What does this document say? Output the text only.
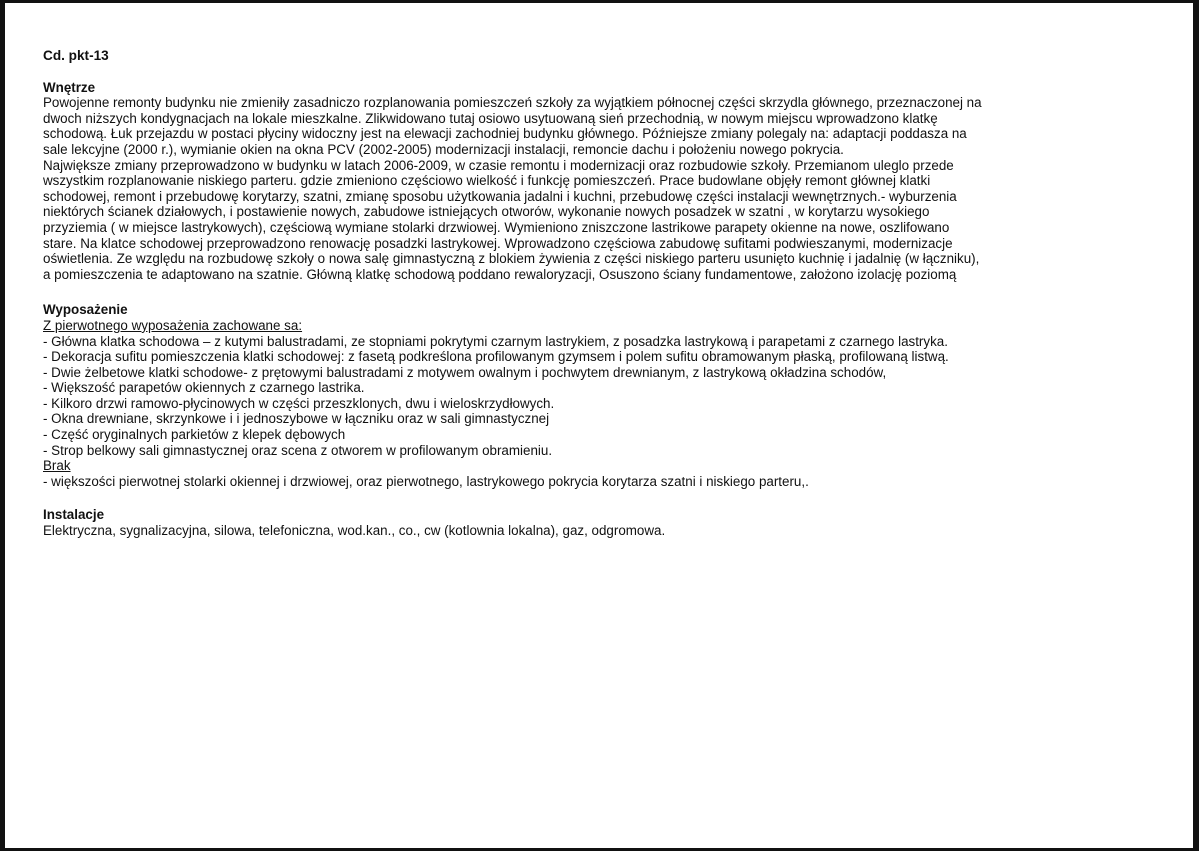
Cd. pkt-13

Wnętrze

Powojenne remonty budynku nie zmieniły zasadniczo rozplanowania pomieszczeń szkoły za wyjątkiem północnej części skrzydla głównego, przeznaczonej na
dwoch niższych kondygnacjach na lokale mieszkalne. Zlikwidowano tutaj osiowo usytuowaną sień przechodnią, w nowym miejscu wprowadzono klatkę
schodową. Łuk przejazdu w postaci płyciny widoczny jest na elewacji zachodniej budynku głównego. Późniejsze zmiany polegaly na: adaptacji poddasza na
sale lekcyjne (2000 r.), wymianie okien na okna PCV (2002-2005) modernizacji instalacji, remoncie dachu i położeniu nowego pokrycia.
Największe zmiany przeprowadzono w budynku w latach 2006-2009, w czasie remontu i modernizacji oraz rozbudowie szkoły. Przemianom uleglo przede
wszystkim rozplanowanie niskiego parteru. gdzie zmieniono częściowo wielkość i funkcję pomieszczeń. Prace budowlane objęły remont głównej klatki
schodowej, remont i przebudowę korytarzy, szatni, zmianę sposobu użytkowania jadalni i kuchni, przebudowę części instalacji wewnętrznych.- wyburzenia
niektórych ścianek działowych, i postawienie nowych, zabudowe istniejących otworów, wykonanie nowych posadzek w szatni , w korytarzu wysokiego
przyziemia ( w miejsce lastrykowych), częściową wymiane stolarki drzwiowej. Wymieniono zniszczone lastrikowe parapety okienne na nowe, oszlifowano
stare. Na klatce schodowej przeprowadzono renowację posadzki lastrykowej. Wprowadzono częściowa zabudowę sufitami podwieszanymi, modernizacje
oświetlenia. Ze względu na rozbudowę szkoły o nowa salę gimnastyczną z blokiem żywienia z części niskiego parteru usunięto kuchnię i jadalnię (w łączniku),
a pomieszczenia te adaptowano na szatnie. Główną klatkę schodową poddano rewaloryzacji, Osuszono ściany fundamentowe, założono izolację poziomą

Wyposażenie

Z pierwotnego wyposażenia zachowane sa:
- Główna klatka schodowa – z kutymi balustradami, ze stopniami pokrytymi czarnym lastrykiem, z posadzka lastrykową i parapetami z czarnego lastryka.
- Dekoracja sufitu pomieszczenia klatki schodowej: z fasetą podkreślona profilowanym gzymsem i polem sufitu obramowanym płaską, profilowaną listwą.
- Dwie żelbetowe klatki schodowe- z prętowymi balustradami z motywem owalnym i pochwytem drewnianym, z lastrykową okładzina schodów,
- Większość parapetów okiennych z czarnego lastrika.
- Kilkoro drzwi ramowo-płycinowych w części przeszklonych, dwu i wieloskrzydłowych.
- Okna drewniane, skrzynkowe i i jednoszybowe w łączniku oraz w sali gimnastycznej
- Część oryginalnych parkietów z klepek dębowych
- Strop belkowy sali gimnastycznej oraz scena z otworem w profilowanym obramieniu.
Brak
- większości pierwotnej stolarki okiennej i drzwiowej, oraz pierwotnego, lastrykowego pokrycia korytarza szatni i niskiego parteru,.

Instalacje

Elektryczna, sygnalizacyjna, silowa, telefoniczna, wod.kan., co., cw (kotlownia lokalna), gaz, odgromowa.
